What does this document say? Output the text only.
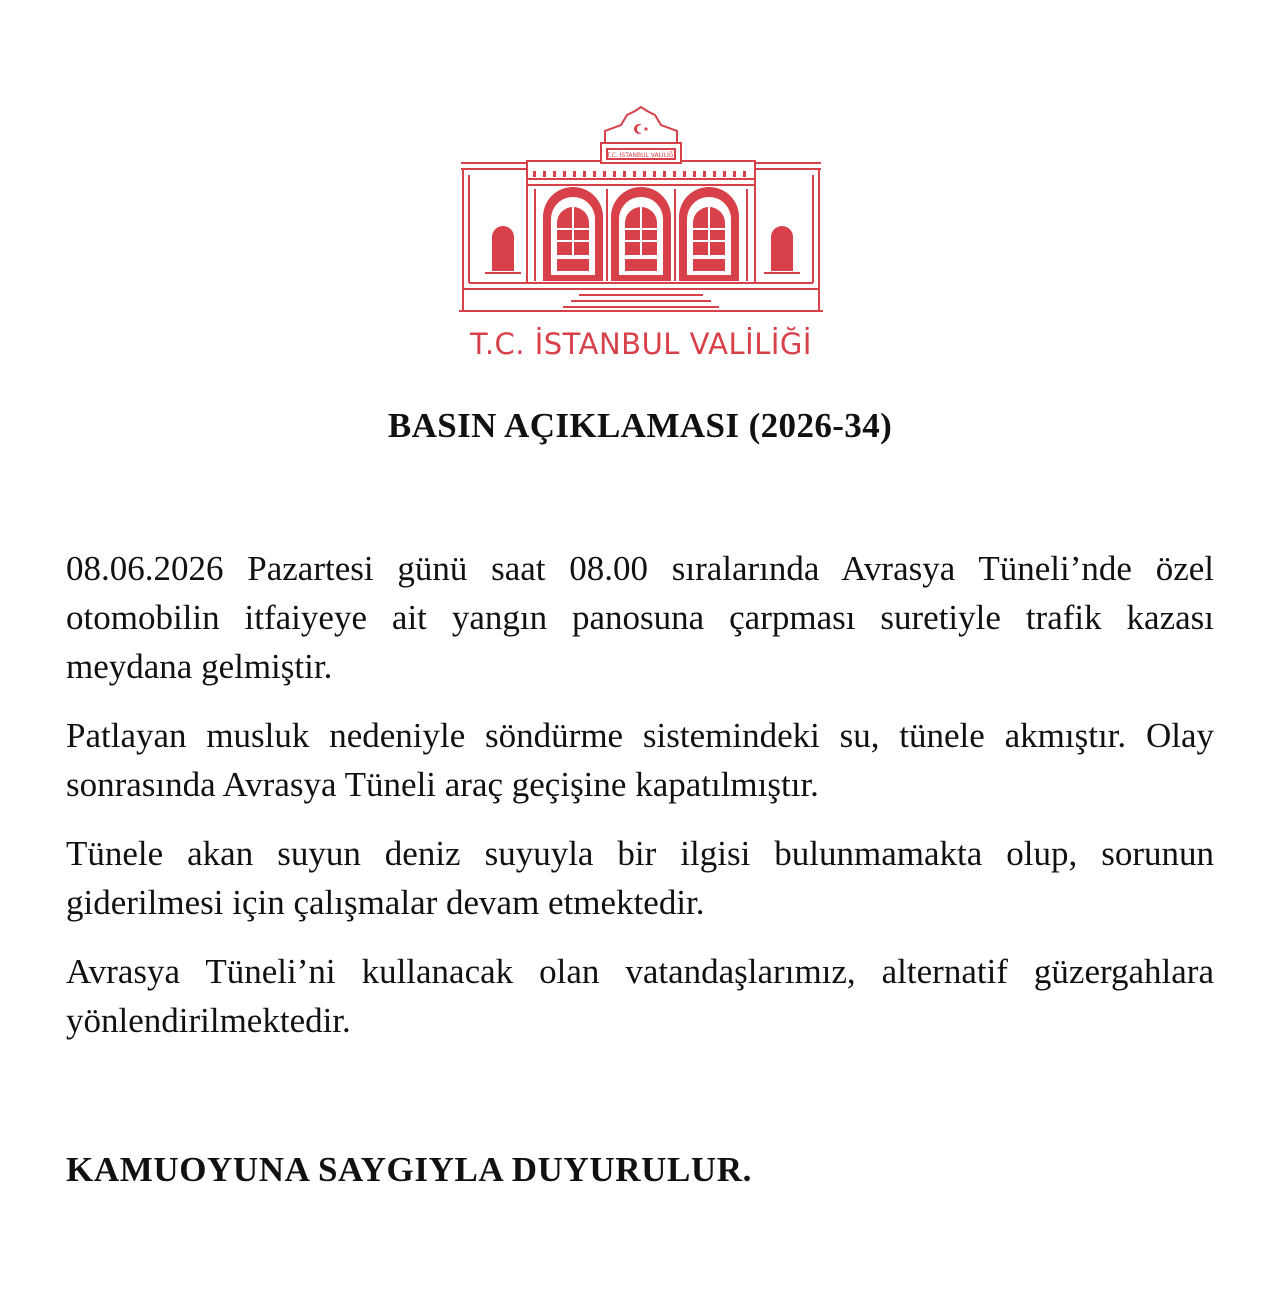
T.C. İSTANBUL VALİLİĞİ
T.C. İSTANBUL VALİLİĞİ
BASIN AÇIKLAMASI (2026-34)

08.06.2026 Pazartesi günü saat 08.00 sıralarında Avrasya Tüneli’nde özel otomobilin itfaiyeye ait yangın panosuna çarpması suretiyle trafik kazası meydana gelmiştir.

Patlayan musluk nedeniyle söndürme sistemindeki su, tünele akmıştır. Olay sonrasında Avrasya Tüneli araç geçişine kapatılmıştır.

Tünele akan suyun deniz suyuyla bir ilgisi bulunmamakta olup, sorunun giderilmesi için çalışmalar devam etmektedir.

Avrasya Tüneli’ni kullanacak olan vatandaşlarımız, alternatif güzergahlara yönlendirilmektedir.

KAMUOYUNA SAYGIYLA DUYURULUR.
